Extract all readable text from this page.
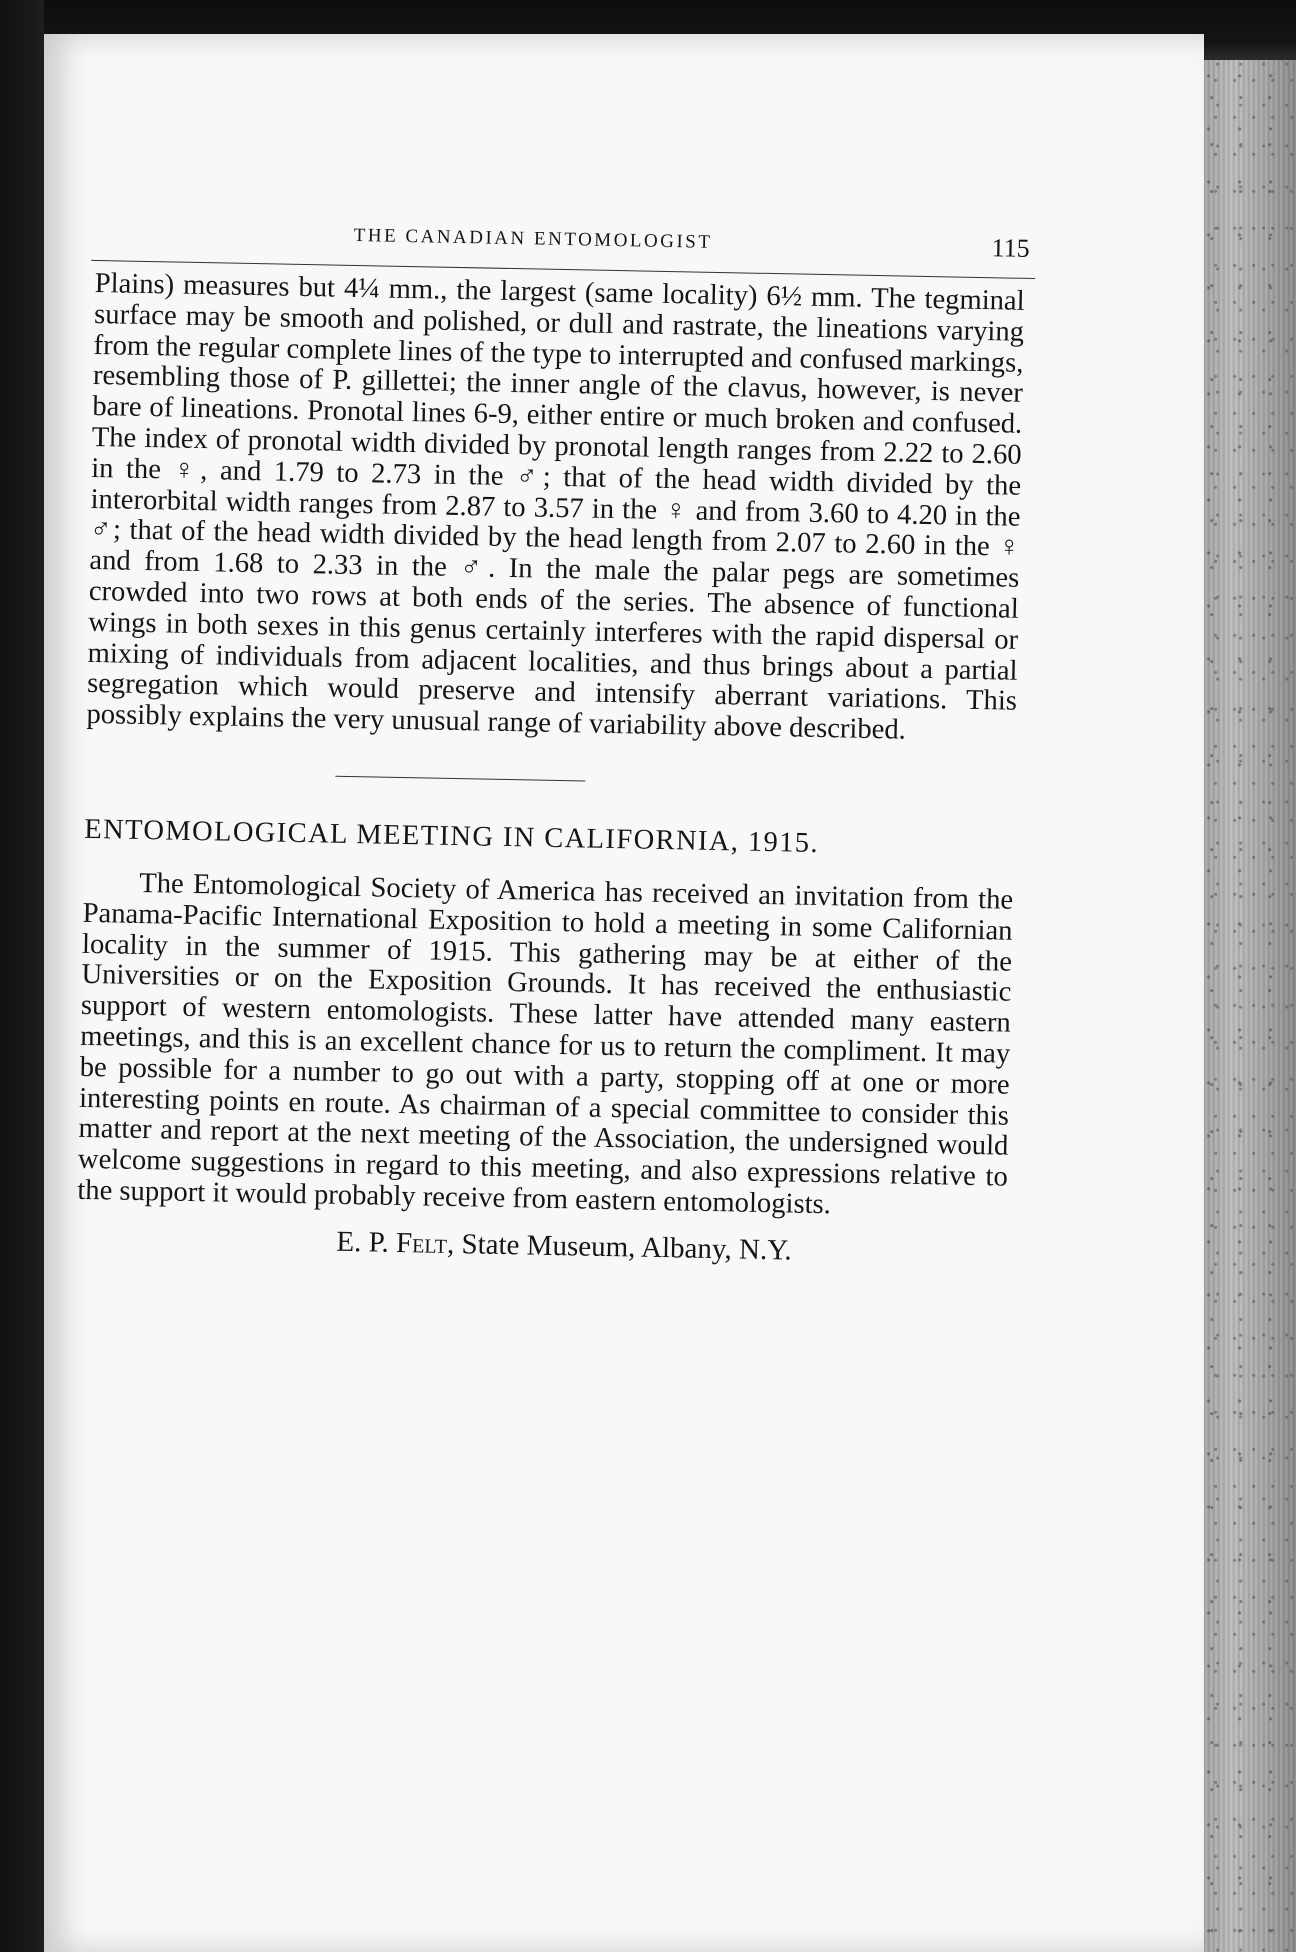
THE CANADIAN ENTOMOLOGIST	115

Plains) measures but 4¼ mm., the largest (same locality) 6½ mm. The tegminal surface may be smooth and polished, or dull and rastrate, the lineations varying from the regular complete lines of the type to interrupted and confused markings, resembling those of P. gillettei; the inner angle of the clavus, however, is never bare of lineations. Pronotal lines 6-9, either entire or much broken and confused. The index of pronotal width divided by pronotal length ranges from 2.22 to 2.60 in the ♀, and 1.79 to 2.73 in the ♂; that of the head width divided by the interorbital width ranges from 2.87 to 3.57 in the ♀ and from 3.60 to 4.20 in the ♂; that of the head width divided by the head length from 2.07 to 2.60 in the ♀ and from 1.68 to 2.33 in the ♂. In the male the palar pegs are sometimes crowded into two rows at both ends of the series. The absence of functional wings in both sexes in this genus certainly interferes with the rapid dispersal or mixing of individuals from adjacent localities, and thus brings about a partial segregation which would preserve and intensify aberrant variations. This possibly explains the very unusual range of variability above described.

ENTOMOLOGICAL MEETING IN CALIFORNIA, 1915.

The Entomological Society of America has received an invitation from the Panama-Pacific International Exposition to hold a meeting in some Californian locality in the summer of 1915. This gathering may be at either of the Universities or on the Exposition Grounds. It has received the enthusiastic support of western entomologists. These latter have attended many eastern meetings, and this is an excellent chance for us to return the compliment. It may be possible for a number to go out with a party, stopping off at one or more interesting points en route. As chairman of a special committee to consider this matter and report at the next meeting of the Association, the undersigned would welcome suggestions in regard to this meeting, and also expressions relative to the support it would probably receive from eastern entomologists.

E. P. Felt, State Museum, Albany, N.Y.
